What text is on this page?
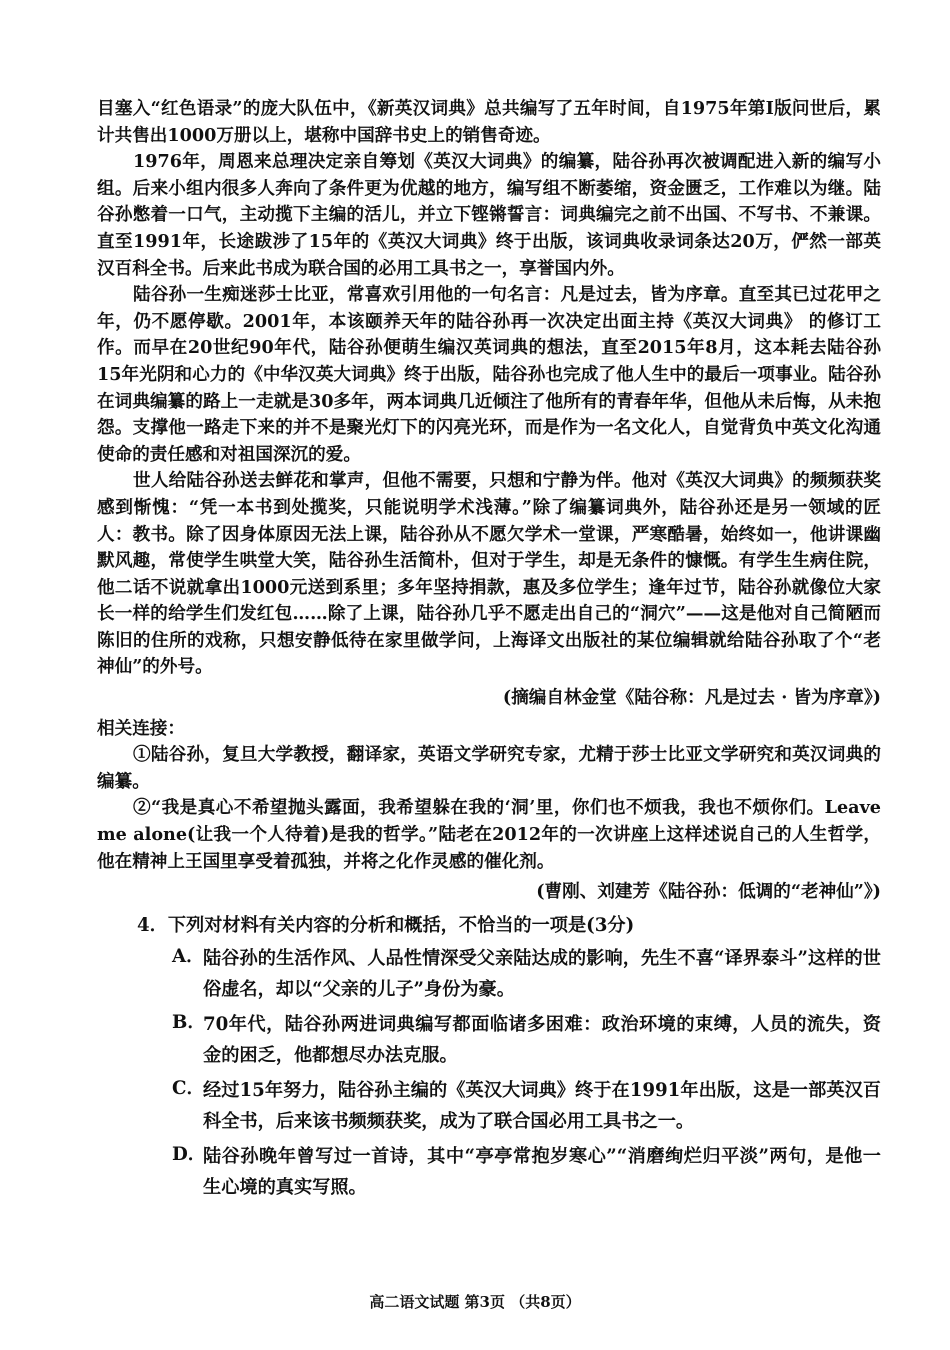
目塞入“红色语录”的庞大队伍中，《新英汉词典》总共编写了五年时间，自1975年第Ⅰ版问世后，累计共售出1000万册以上，堪称中国辞书史上的销售奇迹。

1976年，周恩来总理决定亲自筹划《英汉大词典》的编纂，陆谷孙再次被调配进入新的编写小组。后来小组内很多人奔向了条件更为优越的地方，编写组不断萎缩，资金匮乏，工作难以为继。陆谷孙憋着一口气，主动揽下主编的活儿，并立下铿锵誓言：词典编完之前不出国、不写书、不兼课。直至1991年，长途跋涉了15年的《英汉大词典》终于出版，该词典收录词条达20万，俨然一部英汉百科全书。后来此书成为联合国的必用工具书之一，享誉国内外。

陆谷孙一生痴迷莎士比亚，常喜欢引用他的一句名言：凡是过去，皆为序章。直至其已过花甲之年，仍不愿停歇。2001年，本该颐养天年的陆谷孙再一次决定出面主持《英汉大词典》 的修订工作。而早在20世纪90年代，陆谷孙便萌生编汉英词典的想法，直至2015年8月，这本耗去陆谷孙15年光阴和心力的《中华汉英大词典》终于出版，陆谷孙也完成了他人生中的最后一项事业。陆谷孙在词典编纂的路上一走就是30多年，两本词典几近倾注了他所有的青春年华，但他从未后悔，从未抱怨。支撑他一路走下来的并不是聚光灯下的闪亮光环，而是作为一名文化人，自觉背负中英文化沟通使命的责任感和对祖国深沉的爱。

世人给陆谷孙送去鲜花和掌声，但他不需要，只想和宁静为伴。他对《英汉大词典》的频频获奖感到惭愧：“凭一本书到处揽奖，只能说明学术浅薄。”除了编纂词典外，陆谷孙还是另一领域的匠人：教书。除了因身体原因无法上课，陆谷孙从不愿欠学术一堂课，严寒酷暑，始终如一，他讲课幽默风趣，常使学生哄堂大笑，陆谷孙生活简朴，但对于学生，却是无条件的慷慨。有学生生病住院，他二话不说就拿出1000元送到系里；多年坚持捐款，惠及多位学生；逢年过节，陆谷孙就像位大家长一样的给学生们发红包……除了上课，陆谷孙几乎不愿走出自己的“洞穴”——这是他对自己简陋而陈旧的住所的戏称，只想安静低待在家里做学问，上海译文出版社的某位编辑就给陆谷孙取了个“老神仙”的外号。

(摘编自林金堂《陆谷称：凡是过去 · 皆为序章》)

相关连接：

①陆谷孙，复旦大学教授，翻译家，英语文学研究专家，尤精于莎士比亚文学研究和英汉词典的编纂。

②“我是真心不希望抛头露面，我希望躲在我的‘洞’里，你们也不烦我，我也不烦你们。Leave me alone(让我一个人待着)是我的哲学。”陆老在2012年的一次讲座上这样述说自己的人生哲学，他在精神上王国里享受着孤独，并将之化作灵感的催化剂。

(曹刚、刘建芳《陆谷孙：低调的“老神仙”》)

4．下列对材料有关内容的分析和概括，不恰当的一项是(3分)
A．
陆谷孙的生活作风、人品性情深受父亲陆达成的影响，先生不喜“译界泰斗”这样的世俗虚名，却以“父亲的儿子”身份为豪。
B．
70年代，陆谷孙两进词典编写都面临诸多困难：政治环境的束缚，人员的流失，资金的困乏，他都想尽办法克服。
C．
经过15年努力，陆谷孙主编的《英汉大词典》终于在1991年出版，这是一部英汉百科全书，后来该书频频获奖，成为了联合国必用工具书之一。
D．
陆谷孙晚年曾写过一首诗，其中“亭亭常抱岁寒心”“消磨绚烂归平淡”两句，是他一生心境的真实写照。
高二语文试题 第3页 （共8页）
